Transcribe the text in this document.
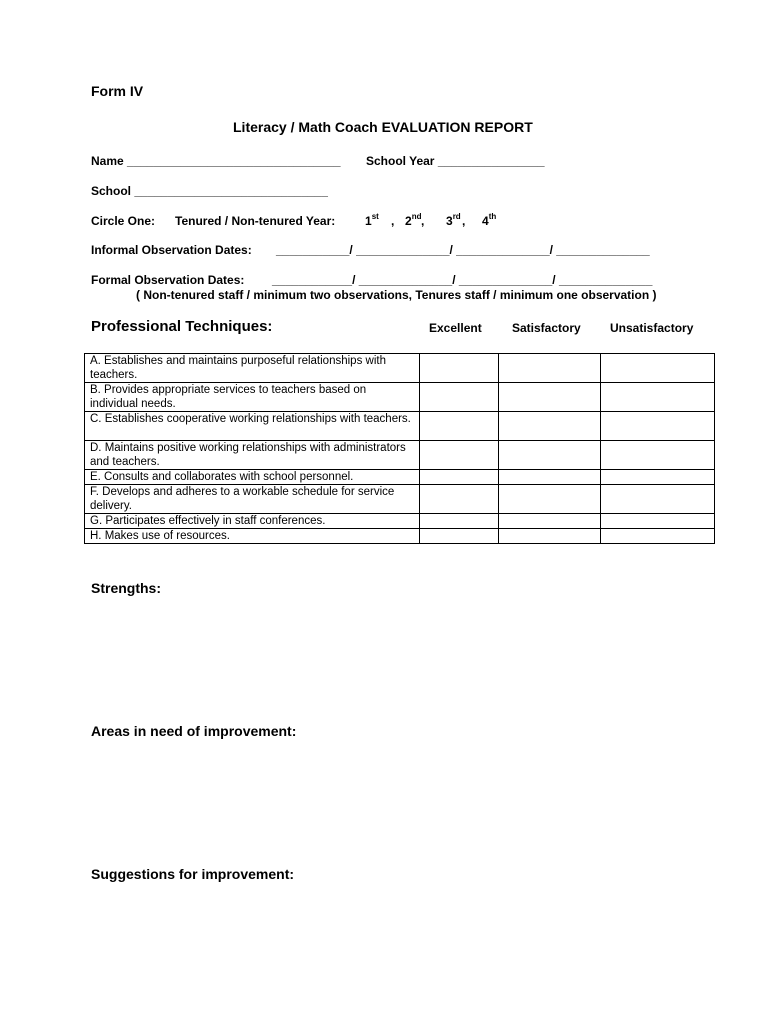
Form IV
Literacy / Math Coach EVALUATION REPORT
Name ________________________________ School Year ________________
School _____________________________
Circle One: Tenured / Non-tenured Year: 1st , 2nd , 3rd , 4th
Informal Observation Dates: ___________/ ______________/ ______________/ ______________
Formal Observation Dates: ____________/ ______________/ ______________/ ______________
( Non-tenured staff / minimum two observations, Tenures staff / minimum one observation )
Professional Techniques:	Excellent	Satisfactory Unsatisfactory
A. Establishes and maintains purposeful relationships with teachers.			
B. Provides appropriate services to teachers based on individual needs.			
C. Establishes cooperative working relationships with teachers.			
D. Maintains positive working relationships with administrators and teachers.			
E. Consults and collaborates with school personnel.			
F. Develops and adheres to a workable schedule for service delivery.			
G. Participates effectively in staff conferences.			
H. Makes use of resources.			
Strengths:
Areas in need of improvement:
Suggestions for improvement:
